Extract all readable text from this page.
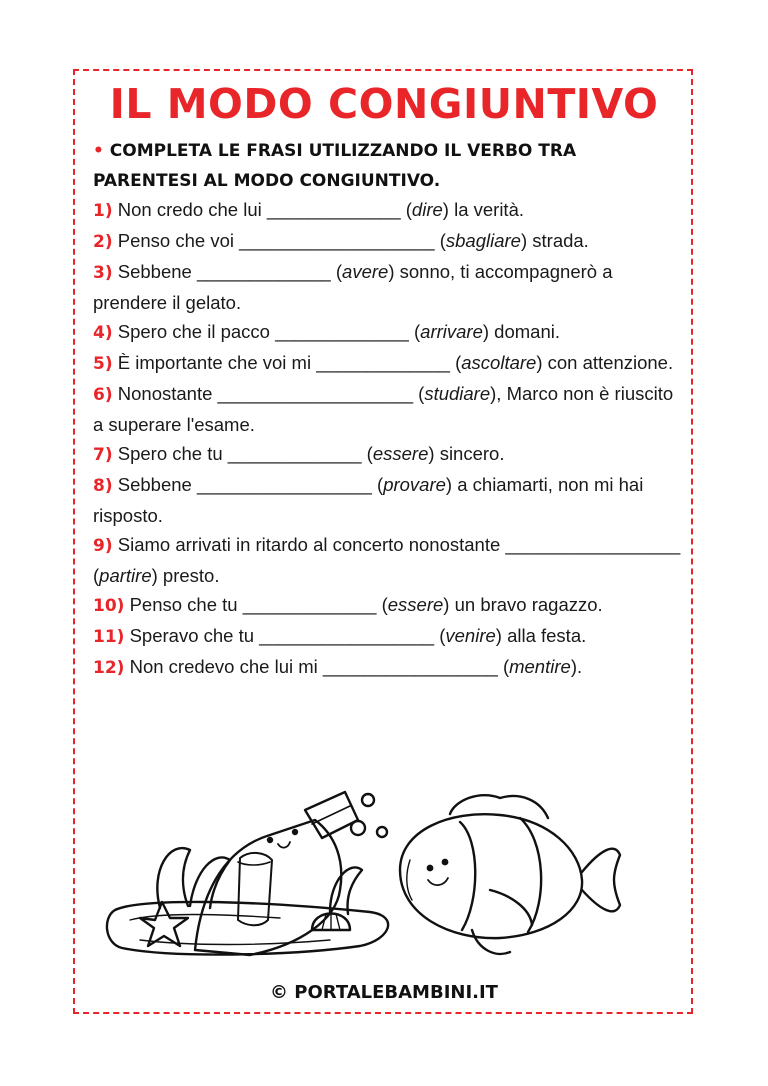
IL MODO CONGIUNTIVO
• COMPLETA LE FRASI UTILIZZANDO IL VERBO TRA PARENTESI AL MODO CONGIUNTIVO.
1) Non credo che lui _____________ (dire) la verità.
2) Penso che voi ___________________ (sbagliare) strada.
3) Sebbene _____________ (avere) sonno, ti accompagnerò a prendere il gelato.
4) Spero che il pacco _____________ (arrivare) domani.
5) È importante che voi mi _____________ (ascoltare) con attenzione.
6) Nonostante ___________________ (studiare), Marco non è riuscito a superare l'esame.
7) Spero che tu _____________ (essere) sincero.
8) Sebbene _________________ (provare) a chiamarti, non mi hai risposto.
9) Siamo arrivati in ritardo al concerto nonostante _________________ (partire) presto.
10) Penso che tu _____________ (essere) un bravo ragazzo.
11) Speravo che tu _________________ (venire) alla festa.
12) Non credevo che lui mi _________________ (mentire).
© PORTALEBAMBINI.IT
